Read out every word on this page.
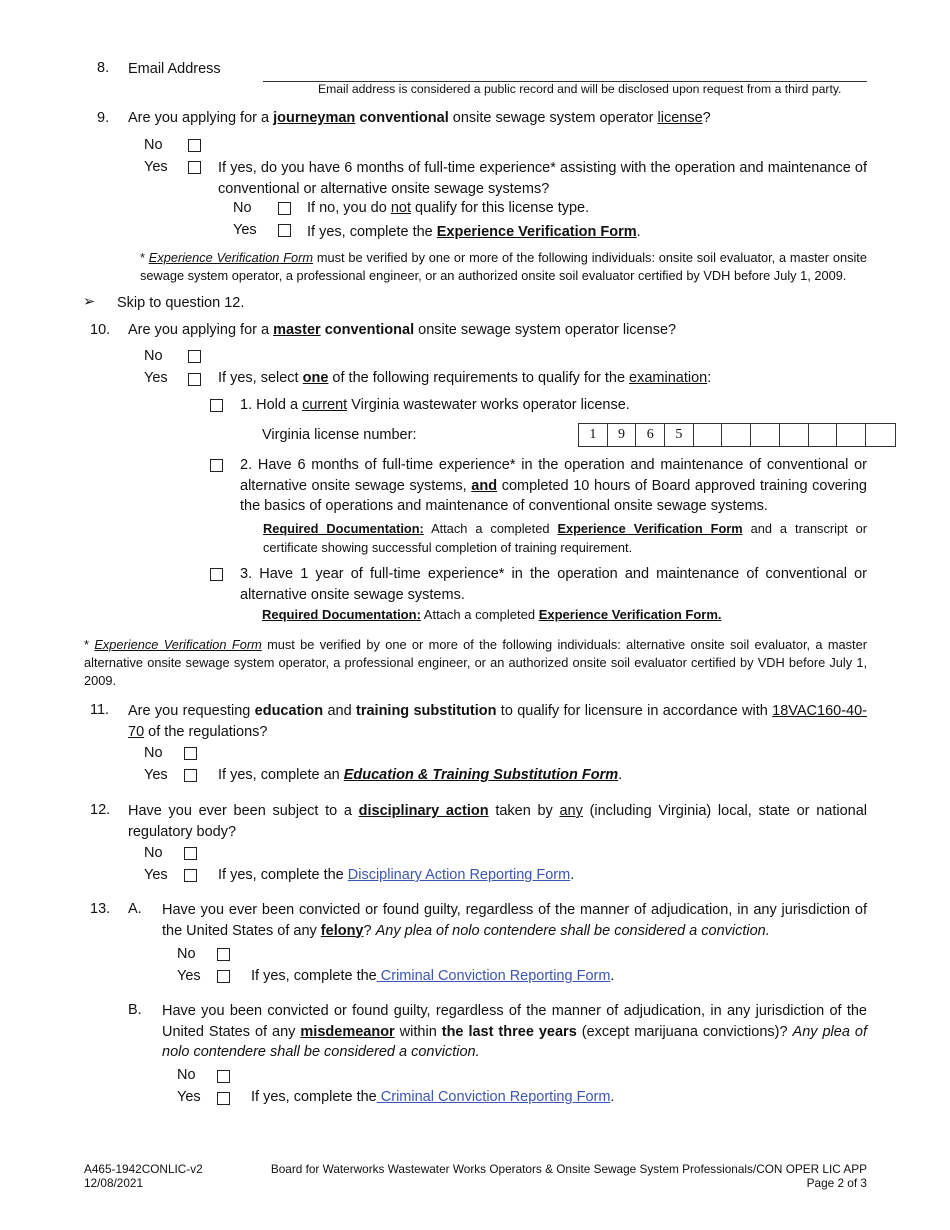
8. Email Address
Email address is considered a public record and will be disclosed upon request from a third party.
9. Are you applying for a journeyman conventional onsite sewage system operator license?
No
Yes	If yes, do you have 6 months of full-time experience* assisting with the operation and maintenance of conventional or alternative onsite sewage systems?
No	If no, you do not qualify for this license type.
Yes	If yes, complete the Experience Verification Form.
* Experience Verification Form must be verified by one or more of the following individuals: onsite soil evaluator, a master onsite sewage system operator, a professional engineer, or an authorized onsite soil evaluator certified by VDH before July 1, 2009.
➢ Skip to question 12.
10. Are you applying for a master conventional onsite sewage system operator license?
No
Yes	If yes, select one of the following requirements to qualify for the examination:
1. Hold a current Virginia wastewater works operator license.
Virginia license number:	1	9	6	5
2. Have 6 months of full-time experience* in the operation and maintenance of conventional or alternative onsite sewage systems, and completed 10 hours of Board approved training covering the basics of operations and maintenance of conventional onsite sewage systems.
Required Documentation: Attach a completed Experience Verification Form and a transcript or certificate showing successful completion of training requirement.
3. Have 1 year of full-time experience* in the operation and maintenance of conventional or alternative onsite sewage systems.
Required Documentation: Attach a completed Experience Verification Form.
* Experience Verification Form must be verified by one or more of the following individuals: alternative onsite soil evaluator, a master alternative onsite sewage system operator, a professional engineer, or an authorized onsite soil evaluator certified by VDH before July 1, 2009.
11. Are you requesting education and training substitution to qualify for licensure in accordance with 18VAC160-40-70 of the regulations?
No
Yes	If yes, complete an Education & Training Substitution Form.
12. Have you ever been subject to a disciplinary action taken by any (including Virginia) local, state or national regulatory body?
No
Yes	If yes, complete the Disciplinary Action Reporting Form.
13. A. Have you ever been convicted or found guilty, regardless of the manner of adjudication, in any jurisdiction of the United States of any felony? Any plea of nolo contendere shall be considered a conviction.
No
Yes	If yes, complete the Criminal Conviction Reporting Form.
B. Have you been convicted or found guilty, regardless of the manner of adjudication, in any jurisdiction of the United States of any misdemeanor within the last three years (except marijuana convictions)? Any plea of nolo contendere shall be considered a conviction.
No
Yes	If yes, complete the Criminal Conviction Reporting Form.
A465-1942CONLIC-v2
12/08/2021
Board for Waterworks Wastewater Works Operators & Onsite Sewage System Professionals/CON OPER LIC APP
Page 2 of 3
